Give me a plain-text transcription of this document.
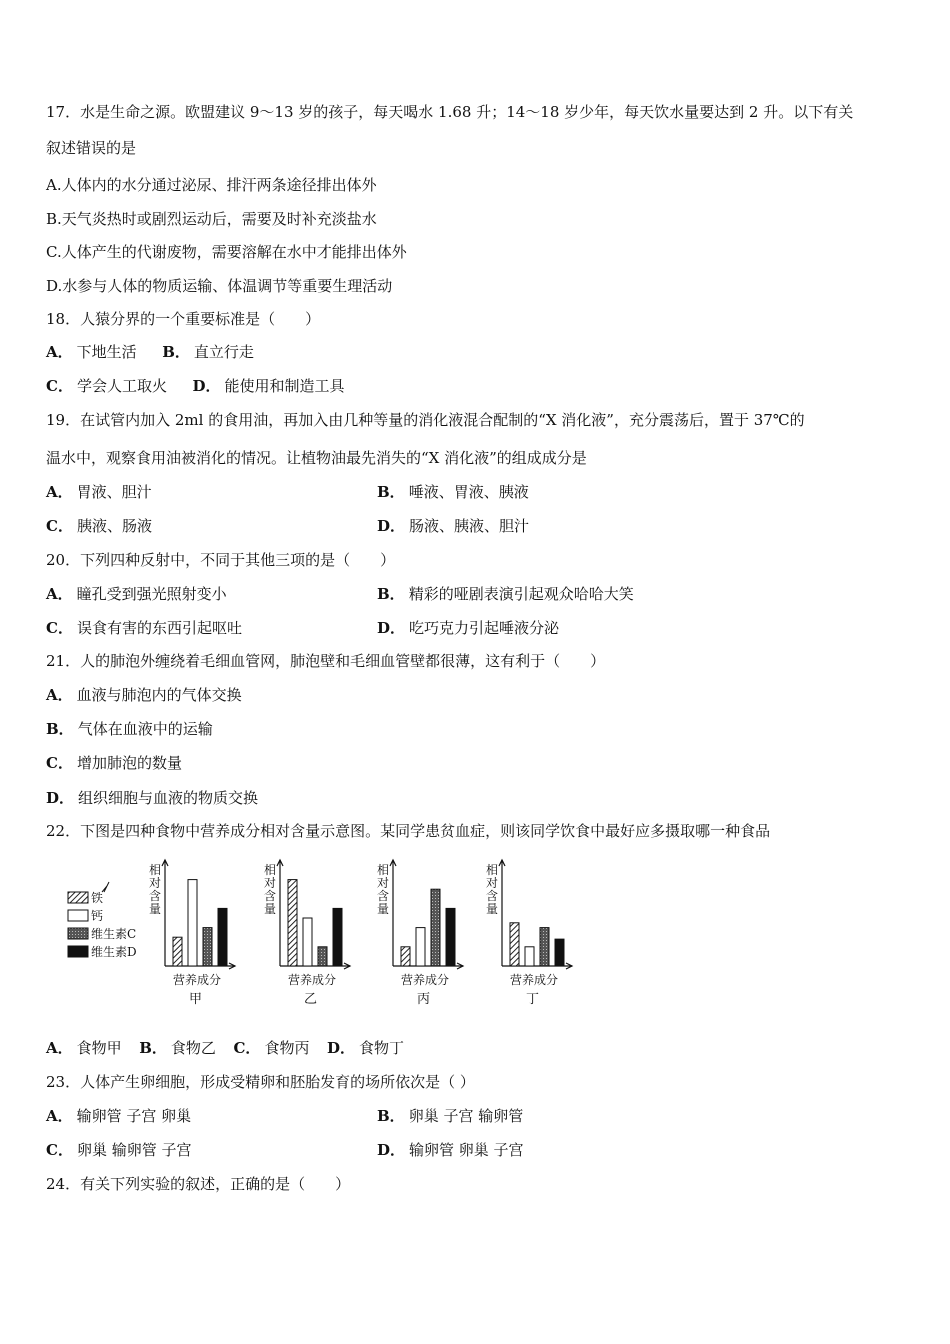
17．水是生命之源。欧盟建议 9～13 岁的孩子，每天喝水 1.68 升；14～18 岁少年，每天饮水量要达到 2 升。以下有关
叙述错误的是
A.人体内的水分通过泌尿、排汗两条途径排出体外
B.天气炎热时或剧烈运动后，需要及时补充淡盐水
C.人体产生的代谢废物，需要溶解在水中才能排出体外
D.水参与人体的物质运输、体温调节等重要生理活动
18．人猿分界的一个重要标准是（　　）
A． 下地生活 B． 直立行走
C． 学会人工取火 D． 能使用和制造工具
19．在试管内加入 2ml 的食用油，再加入由几种等量的消化液混合配制的“X 消化液”，充分震荡后，置于 37℃的
温水中，观察食用油被消化的情况。让植物油最先消失的“X 消化液”的组成成分是
A． 胃液、胆汁	B． 唾液、胃液、胰液
C． 胰液、肠液	D． 肠液、胰液、胆汁
20．下列四种反射中，不同于其他三项的是（　　）
A． 瞳孔受到强光照射变小	B． 精彩的哑剧表演引起观众哈哈大笑
C． 误食有害的东西引起呕吐	D． 吃巧克力引起唾液分泌
21．人的肺泡外缠绕着毛细血管网，肺泡壁和毛细血管壁都很薄，这有利于（　　）
A． 血液与肺泡内的气体交换
B． 气体在血液中的运输
C． 增加肺泡的数量
D． 组织细胞与血液的物质交换
22．下图是四种食物中营养成分相对含量示意图。某同学患贫血症，则该同学饮食中最好应多摄取哪一种食品
铁
钙
维生素C
维生素D
相
对
含
量
营养成分
甲
相
对
含
量
营养成分
乙
相
对
含
量
营养成分
丙
相
对
含
量
营养成分
丁
A． 食物甲 B． 食物乙 C． 食物丙 D． 食物丁
23．人体产生卵细胞，形成受精卵和胚胎发育的场所依次是（ ）
A． 输卵管 子宫 卵巢	B． 卵巢 子宫 输卵管
C． 卵巢 输卵管 子宫	D． 输卵管 卵巢 子宫
24．有关下列实验的叙述，正确的是（　　）
